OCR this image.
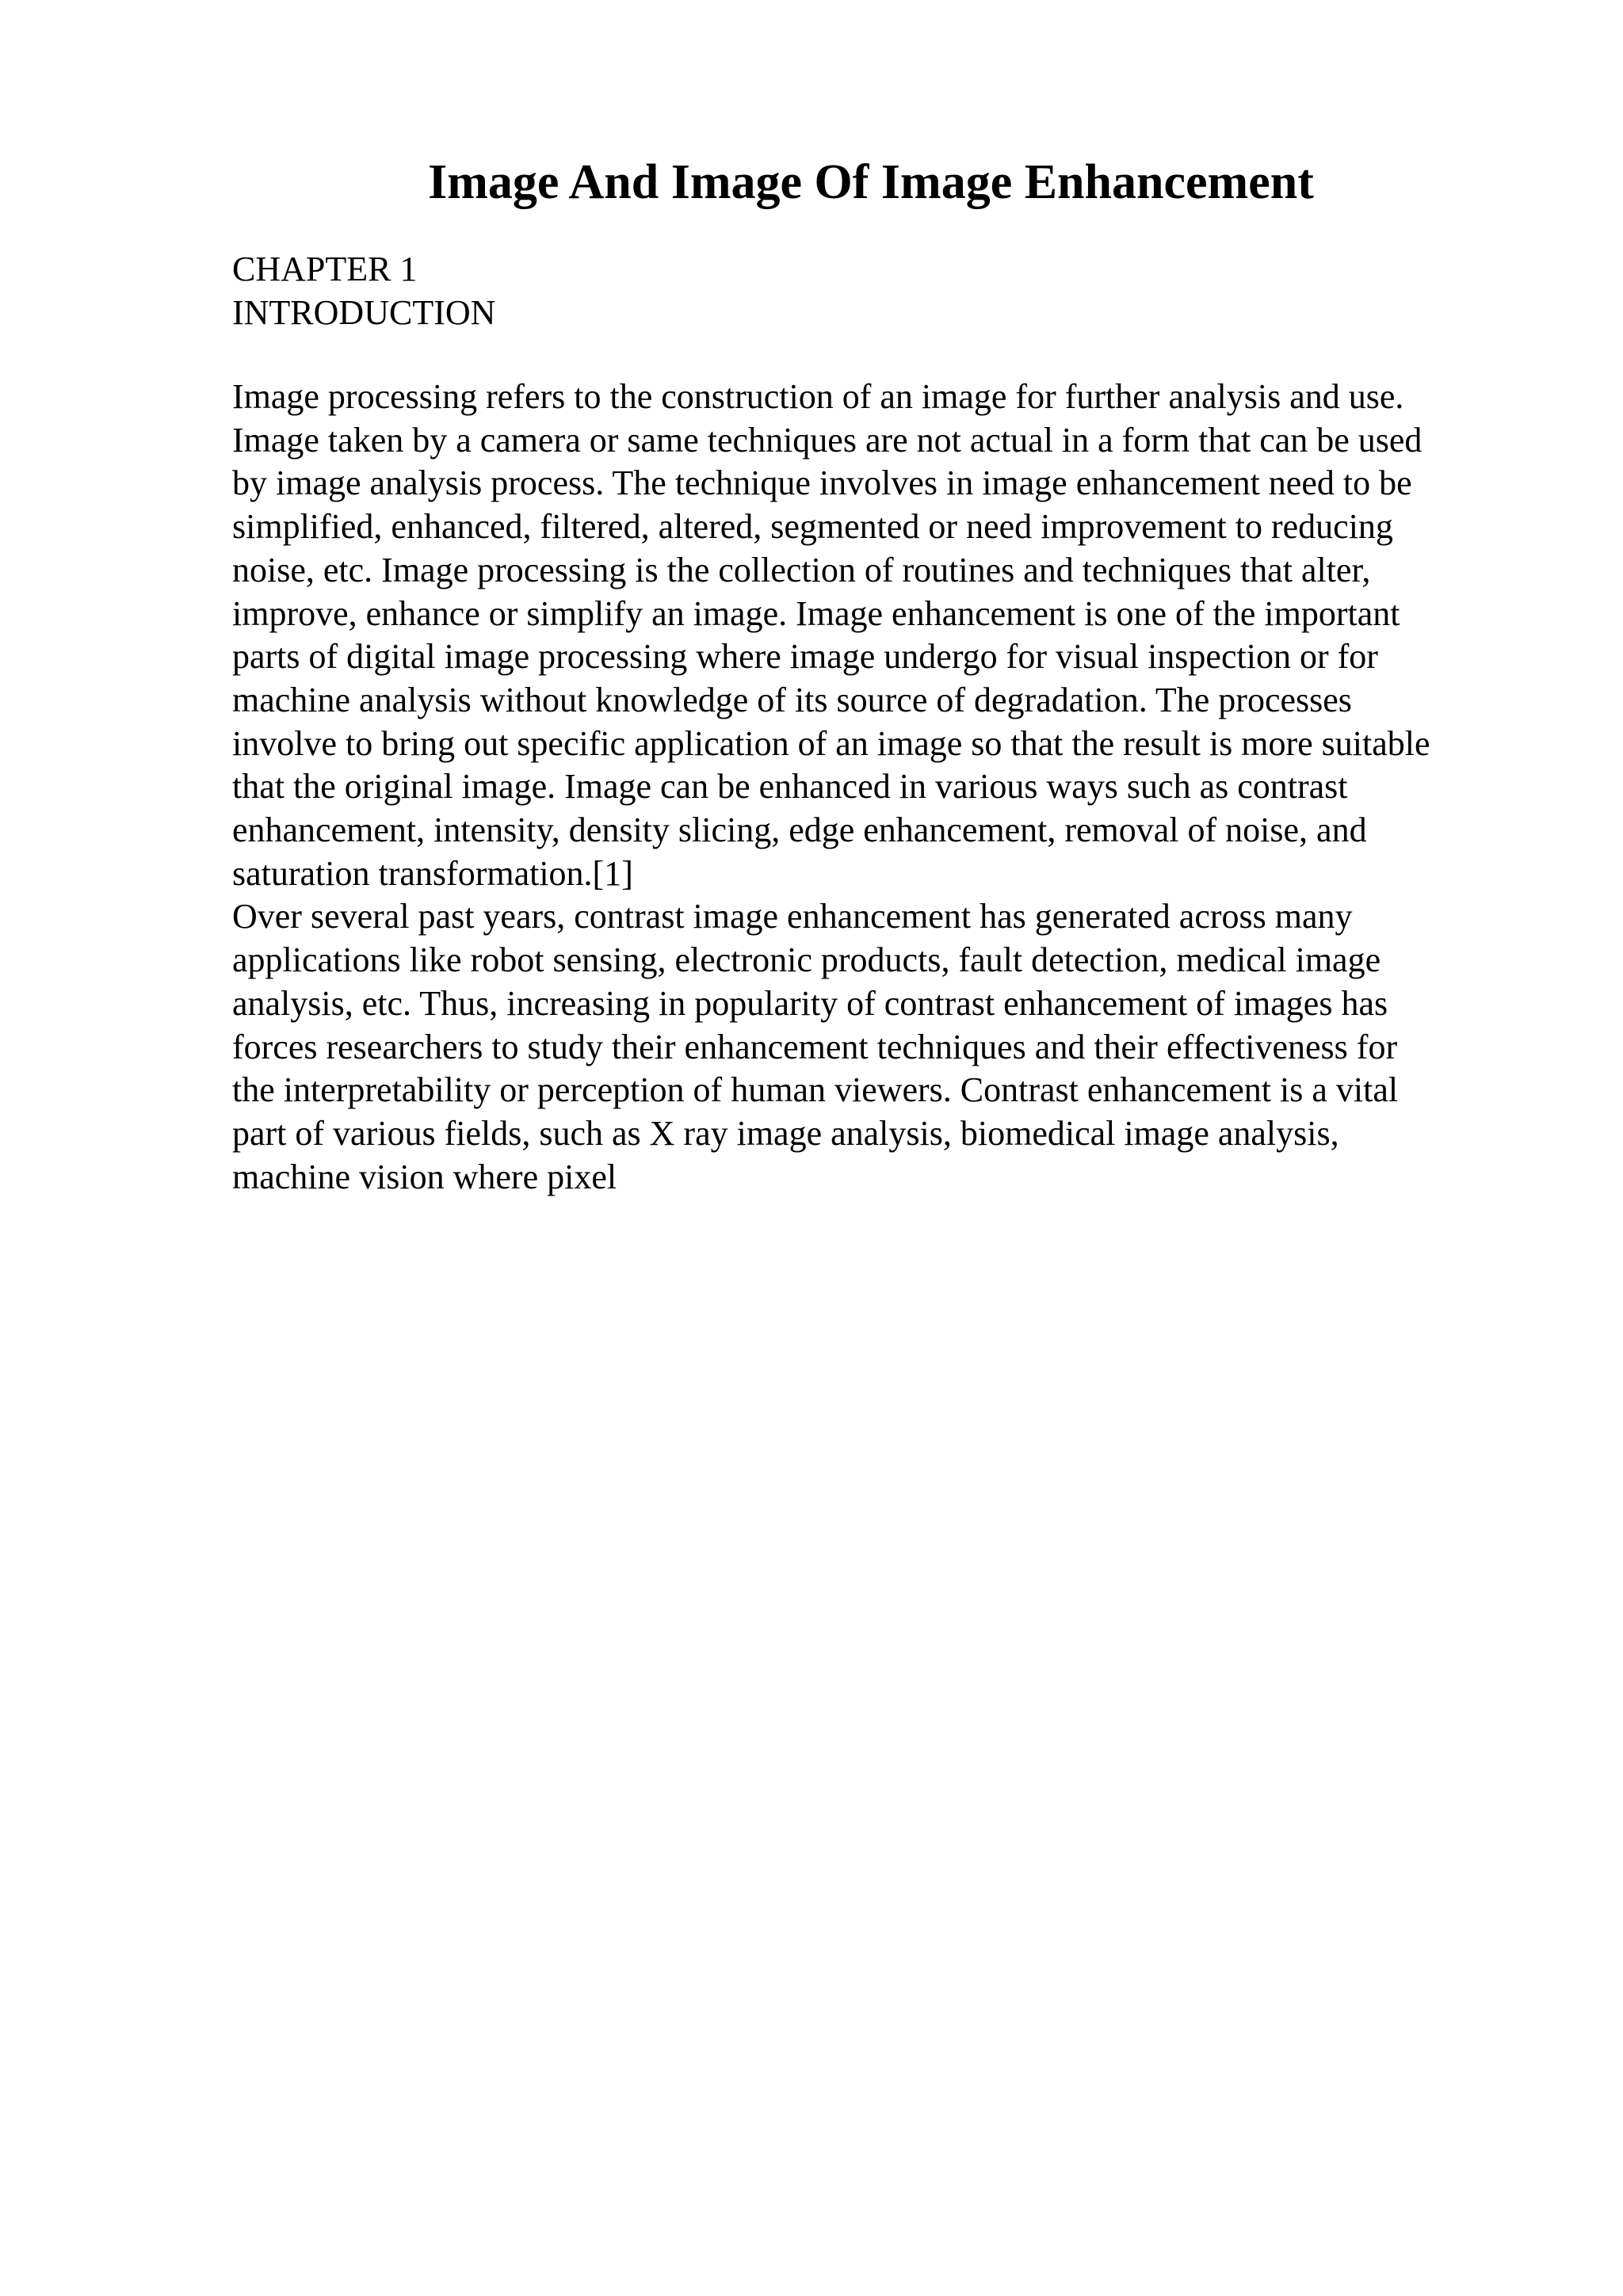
Image And Image Of Image Enhancement
CHAPTER 1
INTRODUCTION
Image processing refers to the construction of an image for further analysis and use.
Image taken by a camera or same techniques are not actual in a form that can be used
by image analysis process. The technique involves in image enhancement need to be
simplified, enhanced, filtered, altered, segmented or need improvement to reducing
noise, etc. Image processing is the collection of routines and techniques that alter,
improve, enhance or simplify an image. Image enhancement is one of the important
parts of digital image processing where image undergo for visual inspection or for
machine analysis without knowledge of its source of degradation. The processes
involve to bring out specific application of an image so that the result is more suitable
that the original image. Image can be enhanced in various ways such as contrast
enhancement, intensity, density slicing, edge enhancement, removal of noise, and
saturation transformation.[1]
Over several past years, contrast image enhancement has generated across many
applications like robot sensing, electronic products, fault detection, medical image
analysis, etc. Thus, increasing in popularity of contrast enhancement of images has
forces researchers to study their enhancement techniques and their effectiveness for
the interpretability or perception of human viewers. Contrast enhancement is a vital
part of various fields, such as X ray image analysis, biomedical image analysis,
machine vision where pixel
